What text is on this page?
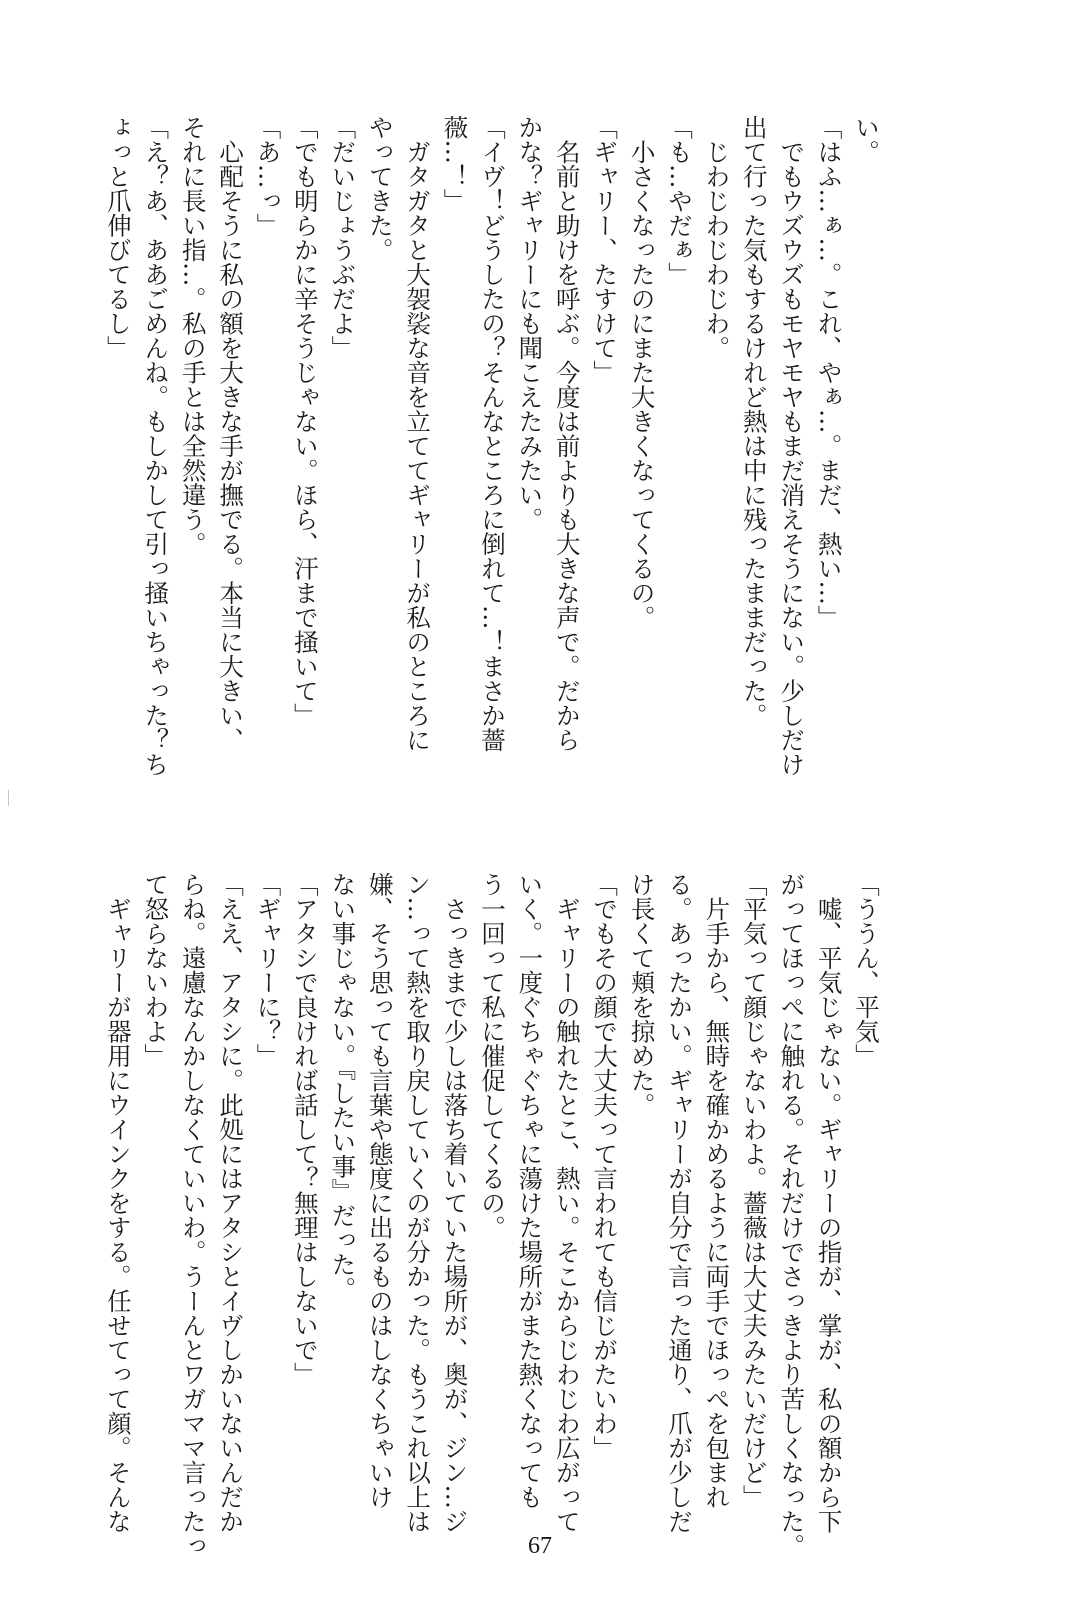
い。

「はふ…ぁ…。これ、やぁ…。まだ、熱い…」

　でもウズウズもモヤモヤもまだ消えそうにない。少しだけ

出て行った気もするけれど熱は中に残ったままだった。

　じわじわじわじわ。

「も…やだぁ」

　小さくなったのにまた大きくなってくるの。

「ギャリー、たすけて」

　名前と助けを呼ぶ。今度は前よりも大きな声で。だから

かな？ギャリーにも聞こえたみたい。

「イヴ！どうしたの？そんなところに倒れて…！まさか薔

薇…！」

　ガタガタと大袈裟な音を立ててギャリーが私のところに

やってきた。

「だいじょうぶだよ」

「でも明らかに辛そうじゃない。ほら、汗まで掻いて」

「あ…っ」

　心配そうに私の額を大きな手が撫でる。本当に大きい、

それに長い指…。私の手とは全然違う。

「え？あ、ああごめんね。もしかして引っ掻いちゃった？ち

ょっと爪伸びてるし」

「ううん、平気」

　嘘、平気じゃない。ギャリーの指が、掌が、私の額から下

がってほっぺに触れる。それだけでさっきより苦しくなった。

「平気って顔じゃないわよ。薔薇は大丈夫みたいだけど」

　片手から、無時を確かめるように両手でほっぺを包まれ

る。あったかい。ギャリーが自分で言った通り、爪が少しだ

け長くて頬を掠めた。

「でもその顔で大丈夫って言われても信じがたいわ」

　ギャリーの触れたとこ、熱い。そこからじわじわ広がって

いく。一度ぐちゃぐちゃに蕩けた場所がまた熱くなっても

う一回って私に催促してくるの。

　さっきまで少しは落ち着いていた場所が、奥が、ジン…ジ

ン…って熱を取り戻していくのが分かった。もうこれ以上は

嫌、そう思っても言葉や態度に出るものはしなくちゃいけ

ない事じゃない。『したい事』だった。

「アタシで良ければ話して？無理はしないで」

「ギャリーに？」

「ええ、アタシに。此処にはアタシとイヴしかいないんだか

らね。遠慮なんかしなくていいわ。うーんとワガママ言ったっ

て怒らないわよ」

　ギャリーが器用にウインクをする。任せてって顔。そんな

67
